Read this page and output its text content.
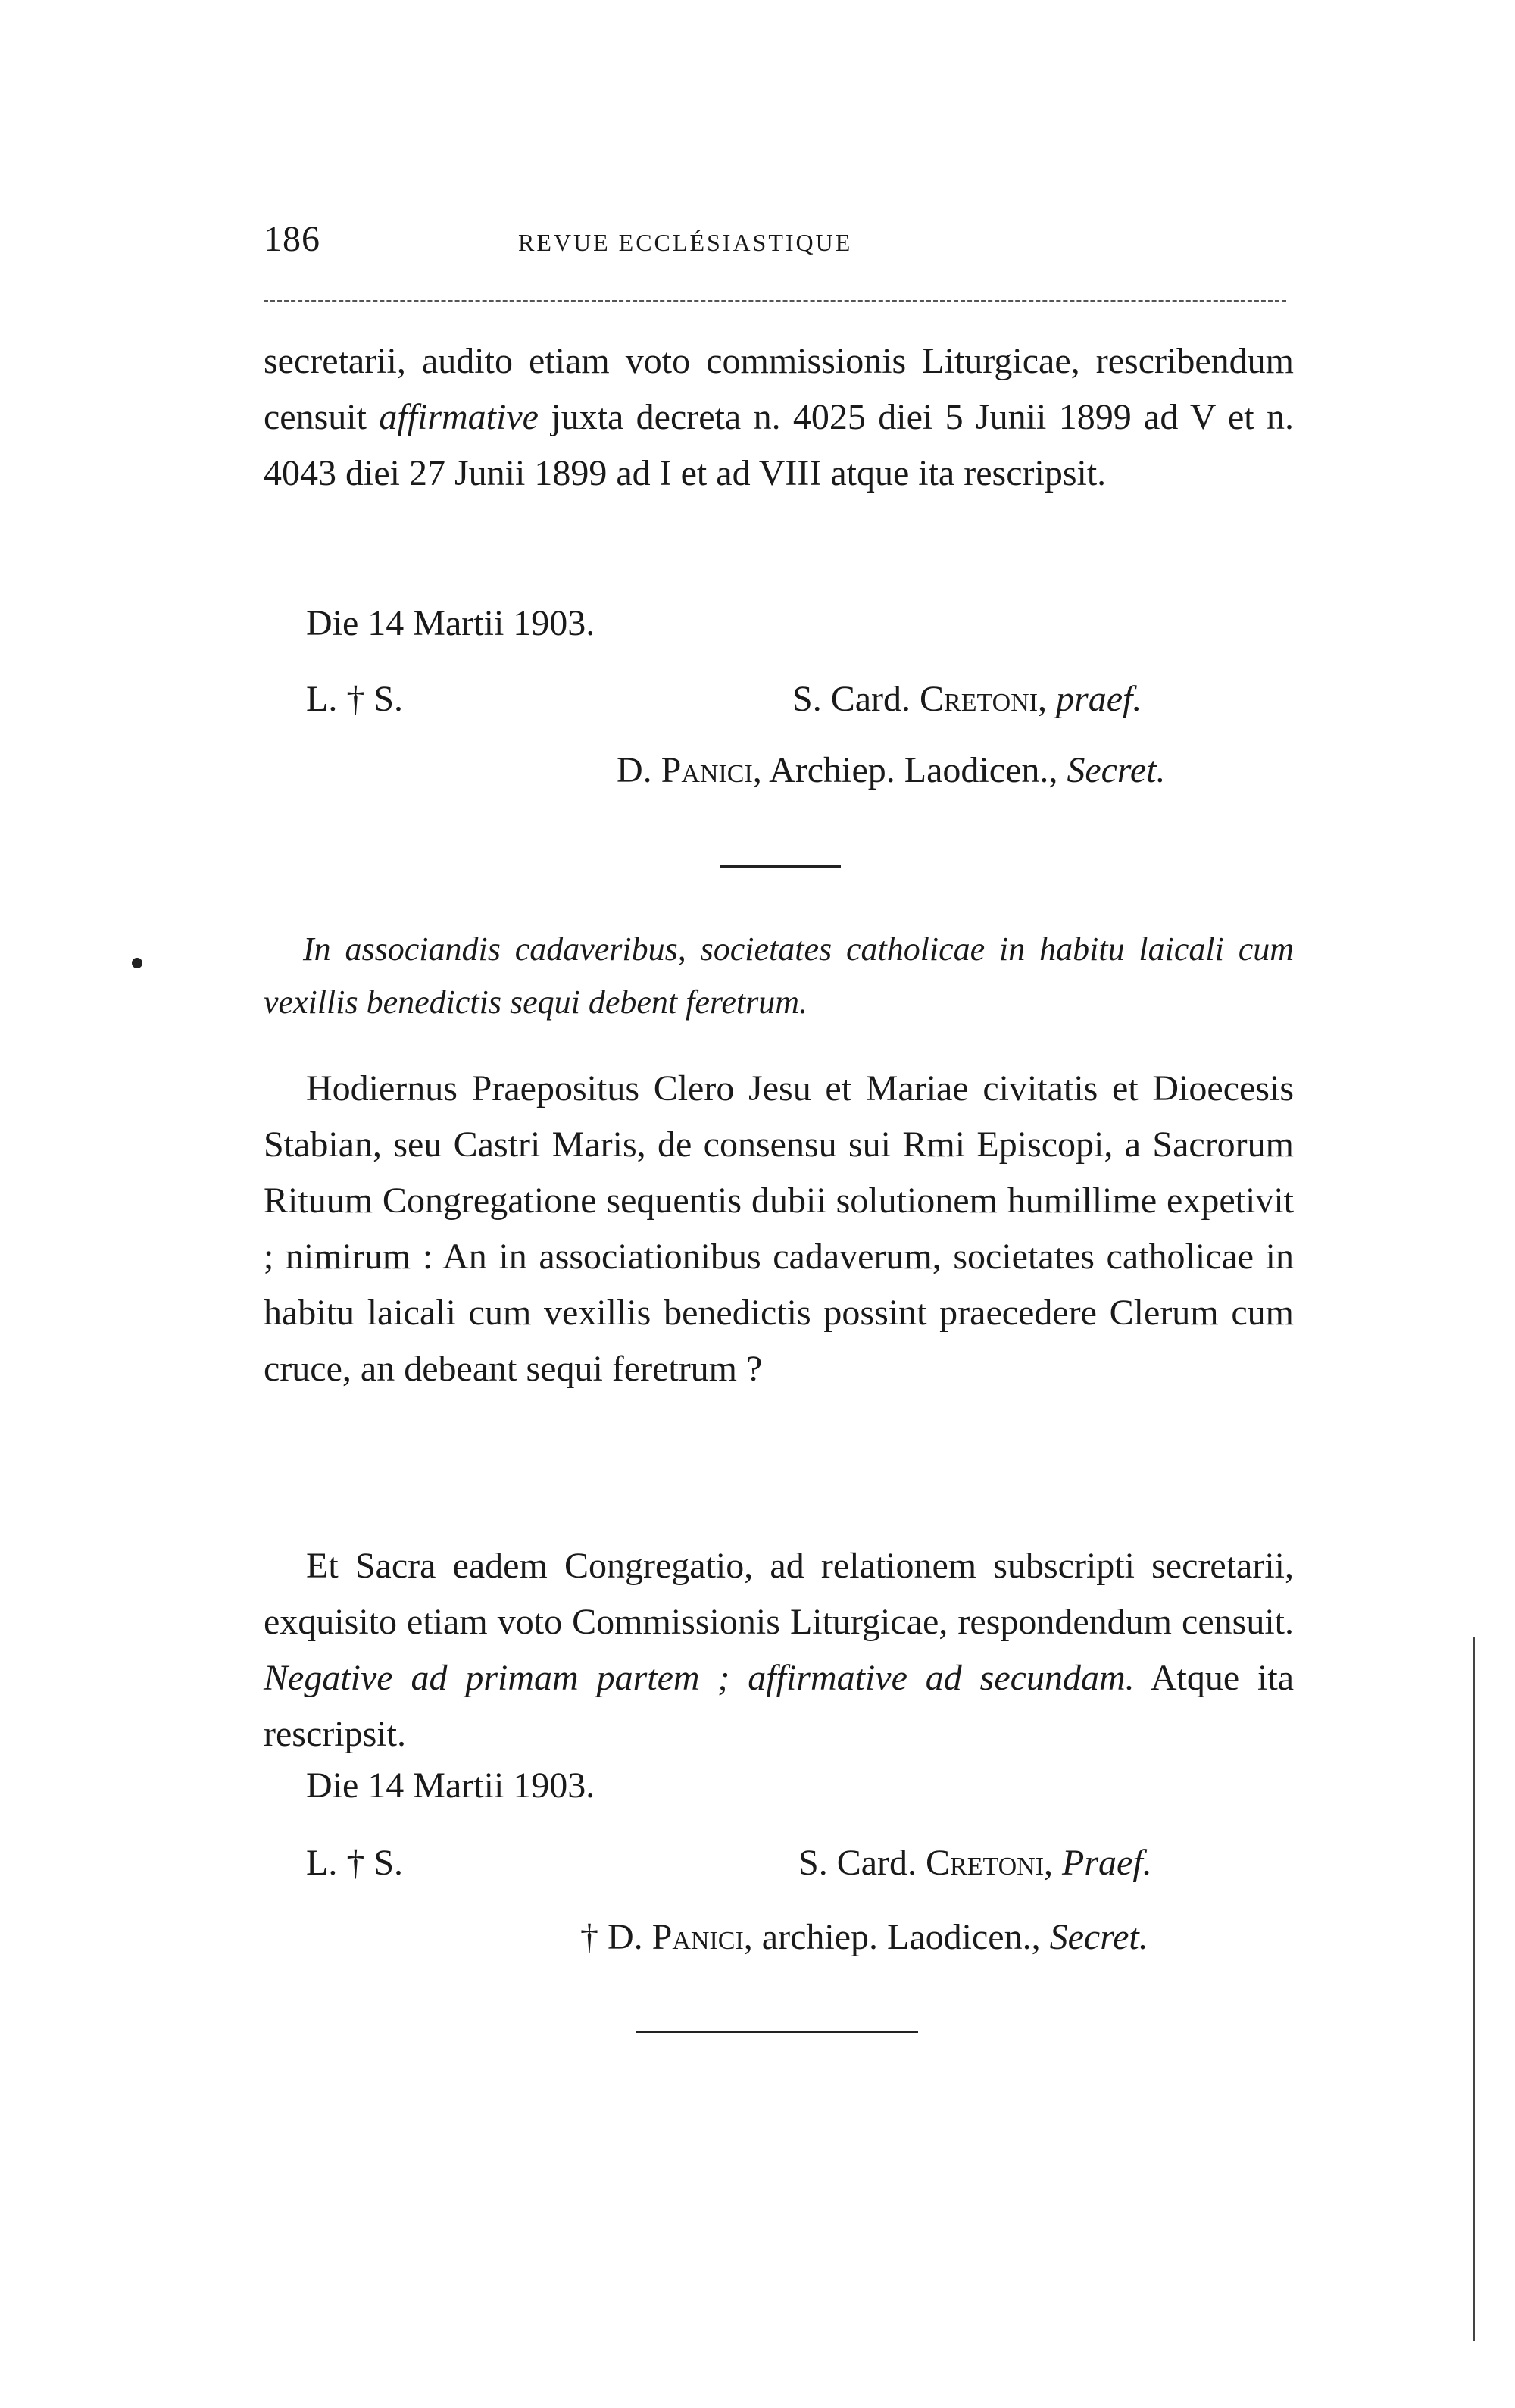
186	REVUE ECCLÉSIASTIQUE

secretarii, audito etiam voto commissionis Liturgicae, rescribendum censuit affirmative juxta decreta n. 4025 diei 5 Junii 1899 ad V et n. 4043 diei 27 Junii 1899 ad I et ad VIII atque ita rescripsit.

Die 14 Martii 1903.
L. † S.	S. Card. Cretoni, praef.
D. Panici, Archiep. Laodicen., Secret.

In associandis cadaveribus, societates catholicae in habitu laicali cum vexillis benedictis sequi debent feretrum.

Hodiernus Praepositus Clero Jesu et Mariae civitatis et Dioecesis Stabian, seu Castri Maris, de consensu sui Rmi Episcopi, a Sacrorum Rituum Congregatione sequentis dubii solutionem humillime expetivit ; nimirum : An in associationibus cadaverum, societates catholicae in habitu laicali cum vexillis benedictis possint praecedere Clerum cum cruce, an debeant sequi feretrum ?

Et Sacra eadem Congregatio, ad relationem subscripti secretarii, exquisito etiam voto Commissionis Liturgicae, respondendum censuit. Negative ad primam partem ; affirmative ad secundam. Atque ita rescripsit.

Die 14 Martii 1903.
L. † S.	S. Card. Cretoni, Praef.
† D. Panici, archiep. Laodicen., Secret.
